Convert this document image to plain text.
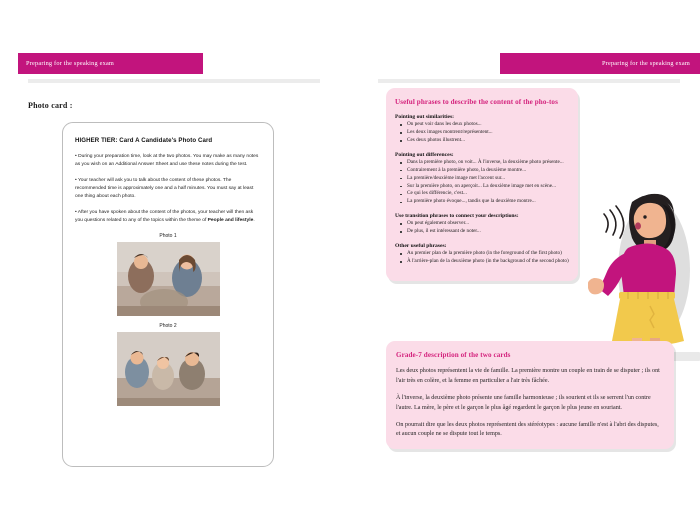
Preparing for the speaking exam
Photo card :
HIGHER TIER: Card A Candidate's Photo Card

• During your preparation time, look at the two photos. You may make as many notes as you wish on an Additional Answer Sheet and use these notes during the test.

• Your teacher will ask you to talk about the content of these photos. The recommended time is approximately one and a half minutes. You must say at least one thing about each photo.

• After you have spoken about the content of the photos, your teacher will then ask you questions related to any of the topics within the theme of People and lifestyle.

Photo 1
Photo 2
Preparing for the speaking exam
Useful phrases to describe the content of the pho-tos
Pointing out similarities:
On peut voir dans les deux photos...
Les deux images montrent/représentent...
Ces deux photos illustrent...
Pointing out differences:
Dans la première photo, on voit... À l'inverse, la deuxième photo présente...
Contrairement à la première photo, la deuxième montre...
La première/deuxième image met l'accent sur...
Sur la première photo, on aperçoit... La deuxième image met en scène...
Ce qui les différencie, c'est...
La première photo évoque..., tandis que la deuxième montre...
Use transition phrases to connect your descriptions:
On peut également observer...
De plus, il est intéressant de noter...
Other useful phrases:
Au premier plan de la première photo (in the foreground of the first photo)
À l'arrière-plan de la deuxième photo (in the background of the second photo)
Grade-7 description of the two cards

Les deux photos représentent la vie de famille. La première montre un couple en train de se disputer ; ils ont l'air très en colère, et la femme en particulier a l'air très fâchée.

À l'inverse, la deuxième photo présente une famille harmonieuse ; ils sourient et ils se serrent l'un contre l'autre. La mère, le père et le garçon le plus âgé regardent le garçon le plus jeune en souriant.

On pourrait dire que les deux photos représentent des stéréotypes : aucune famille n'est à l'abri des disputes, et aucun couple ne se dispute tout le temps.
